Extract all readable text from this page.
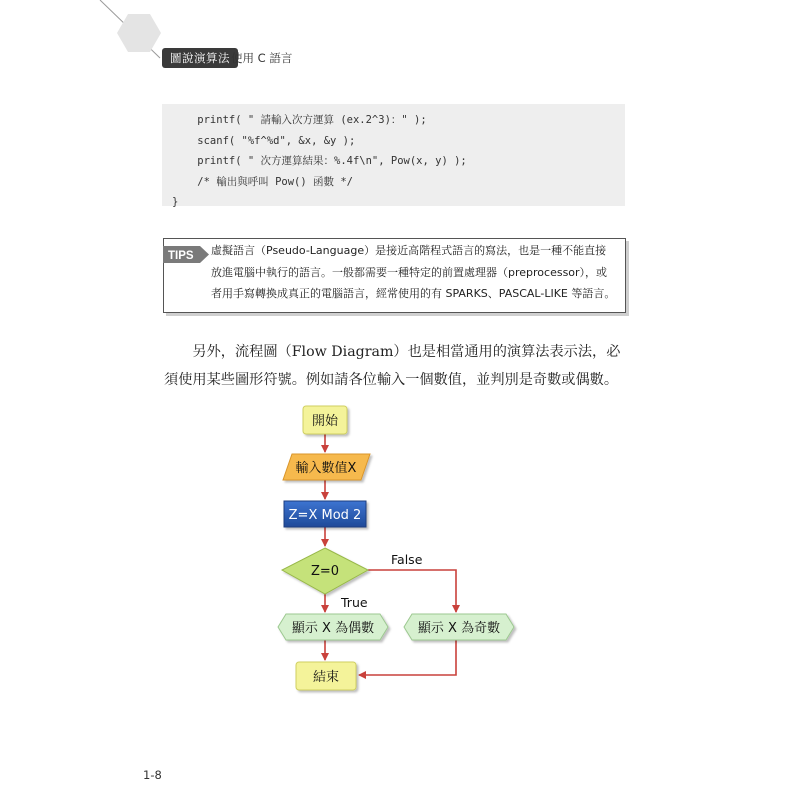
圖說演算法 使用 C 語言
printf( " 請輸入次方運算 (ex.2^3)：" );
scanf( "%f^%d", &x, &y );
printf( " 次方運算結果：%.4f\n", Pow(x, y) );
/* 輸出與呼叫 Pow() 函數 */
}
TIPS 虛擬語言（Pseudo-Language）是接近高階程式語言的寫法，也是一種不能直接放進電腦中執行的語言。一般都需要一種特定的前置處理器（preprocessor），或者用手寫轉換成真正的電腦語言，經常使用的有 SPARKS、PASCAL-LIKE 等語言。
另外，流程圖（Flow Diagram）也是相當通用的演算法表示法，必須使用某些圖形符號。例如請各位輸入一個數值，並判別是奇數或偶數。
開始
輸入數值X
Z=X Mod 2
Z=0
False
True
顯示 X 為偶數	顯示 X 為奇數
結束
1-8
